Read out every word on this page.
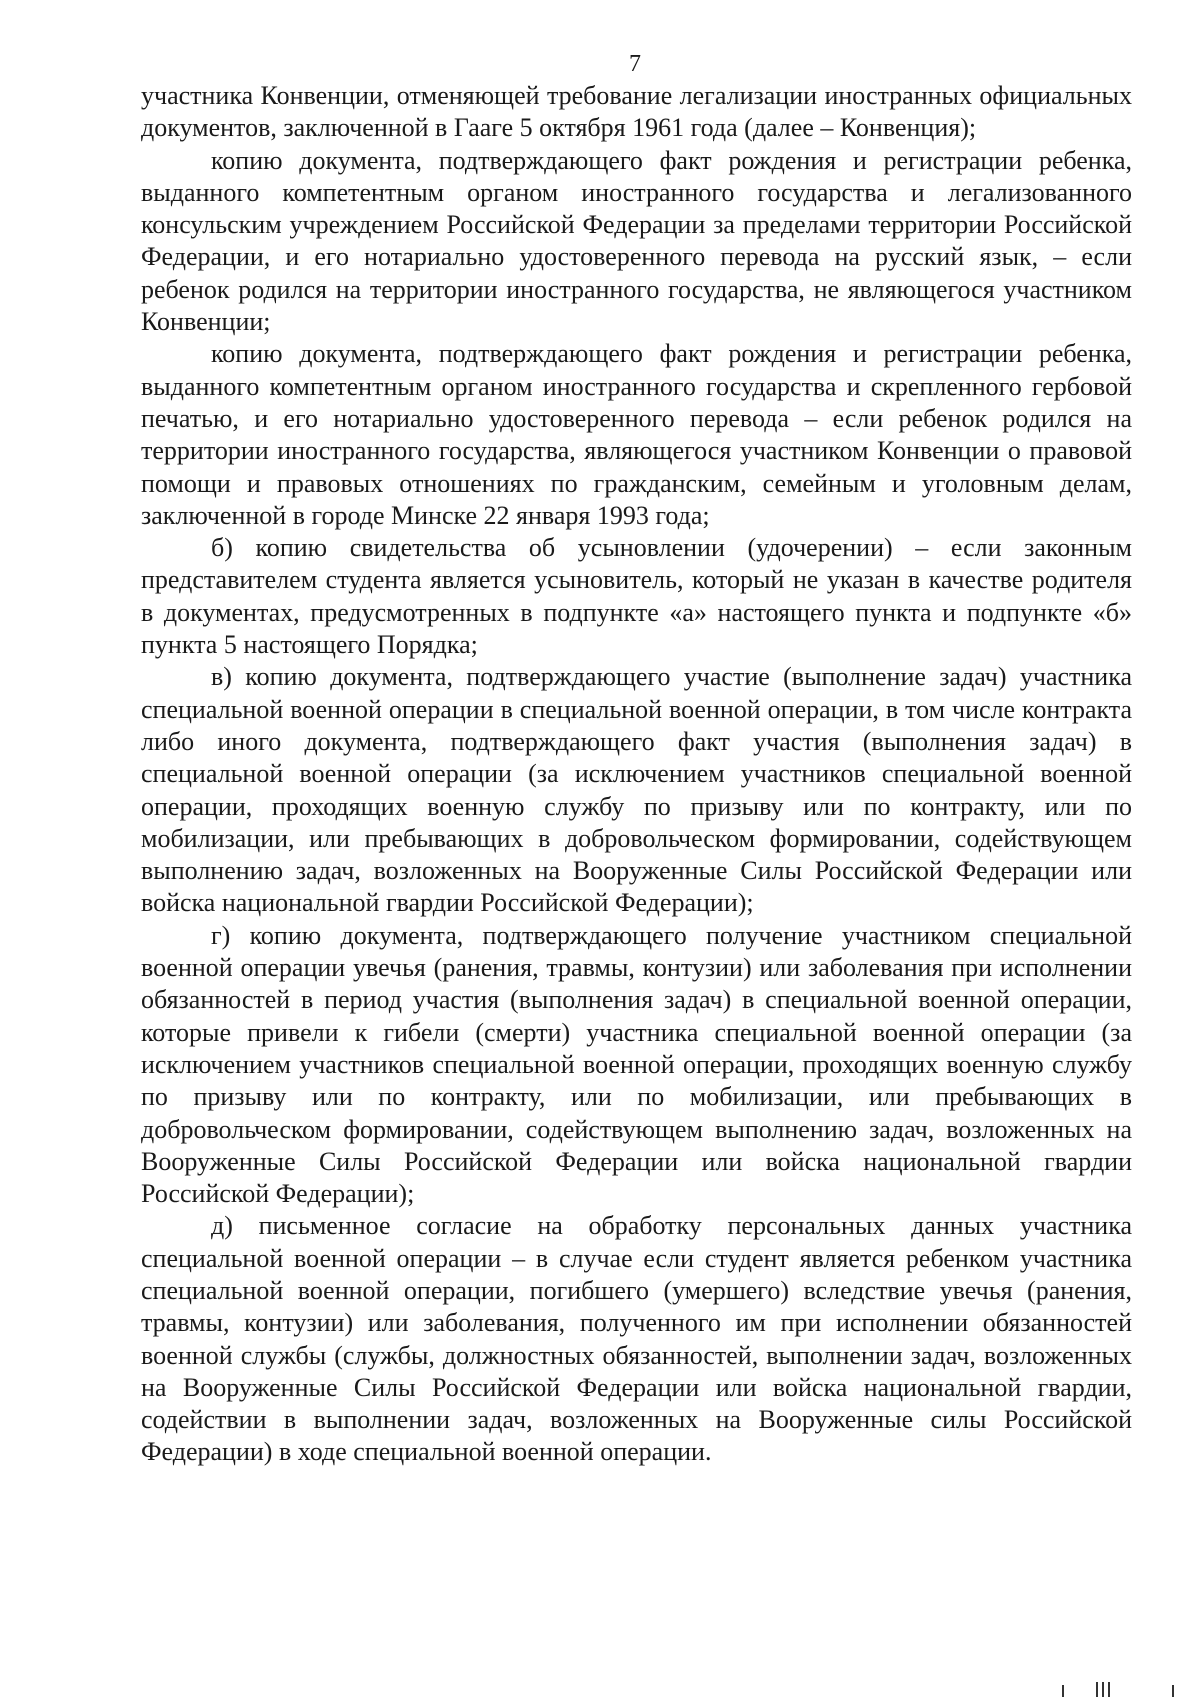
7

участника Конвенции, отменяющей требование легализации иностранных официальных документов, заключенной в Гааге 5 октября 1961 года (далее – Конвенция);

копию документа, подтверждающего факт рождения и регистрации ребенка, выданного компетентным органом иностранного государства и легализованного консульским учреждением Российской Федерации за пределами территории Российской Федерации, и его нотариально удостоверенного перевода на русский язык, – если ребенок родился на территории иностранного государства, не являющегося участником Конвенции;

копию документа, подтверждающего факт рождения и регистрации ребенка, выданного компетентным органом иностранного государства и скрепленного гербовой печатью, и его нотариально удостоверенного перевода – если ребенок родился на территории иностранного государства, являющегося участником Конвенции о правовой помощи и правовых отношениях по гражданским, семейным и уголовным делам, заключенной в городе Минске 22 января 1993 года;

б) копию свидетельства об усыновлении (удочерении) – если законным представителем студента является усыновитель, который не указан в качестве родителя в документах, предусмотренных в подпункте «а» настоящего пункта и подпункте «б» пункта 5 настоящего Порядка;

в) копию документа, подтверждающего участие (выполнение задач) участника специальной военной операции в специальной военной операции, в том числе контракта либо иного документа, подтверждающего факт участия (выполнения задач) в специальной военной операции (за исключением участников специальной военной операции, проходящих военную службу по призыву или по контракту, или по мобилизации, или пребывающих в добровольческом формировании, содействующем выполнению задач, возложенных на Вооруженные Силы Российской Федерации или войска национальной гвардии Российской Федерации);

г) копию документа, подтверждающего получение участником специальной военной операции увечья (ранения, травмы, контузии) или заболевания при исполнении обязанностей в период участия (выполнения задач) в специальной военной операции, которые привели к гибели (смерти) участника специальной военной операции (за исключением участников специальной военной операции, проходящих военную службу по призыву или по контракту, или по мобилизации, или пребывающих в добровольческом формировании, содействующем выполнению задач, возложенных на Вооруженные Силы Российской Федерации или войска национальной гвардии Российской Федерации);

д) письменное согласие на обработку персональных данных участника специальной военной операции – в случае если студент является ребенком участника специальной военной операции, погибшего (умершего) вследствие увечья (ранения, травмы, контузии) или заболевания, полученного им при исполнении обязанностей военной службы (службы, должностных обязанностей, выполнении задач, возложенных на Вооруженные Силы Российской Федерации или войска национальной гвардии, содействии в выполнении задач, возложенных на Вооруженные силы Российской Федерации) в ходе специальной военной операции.
